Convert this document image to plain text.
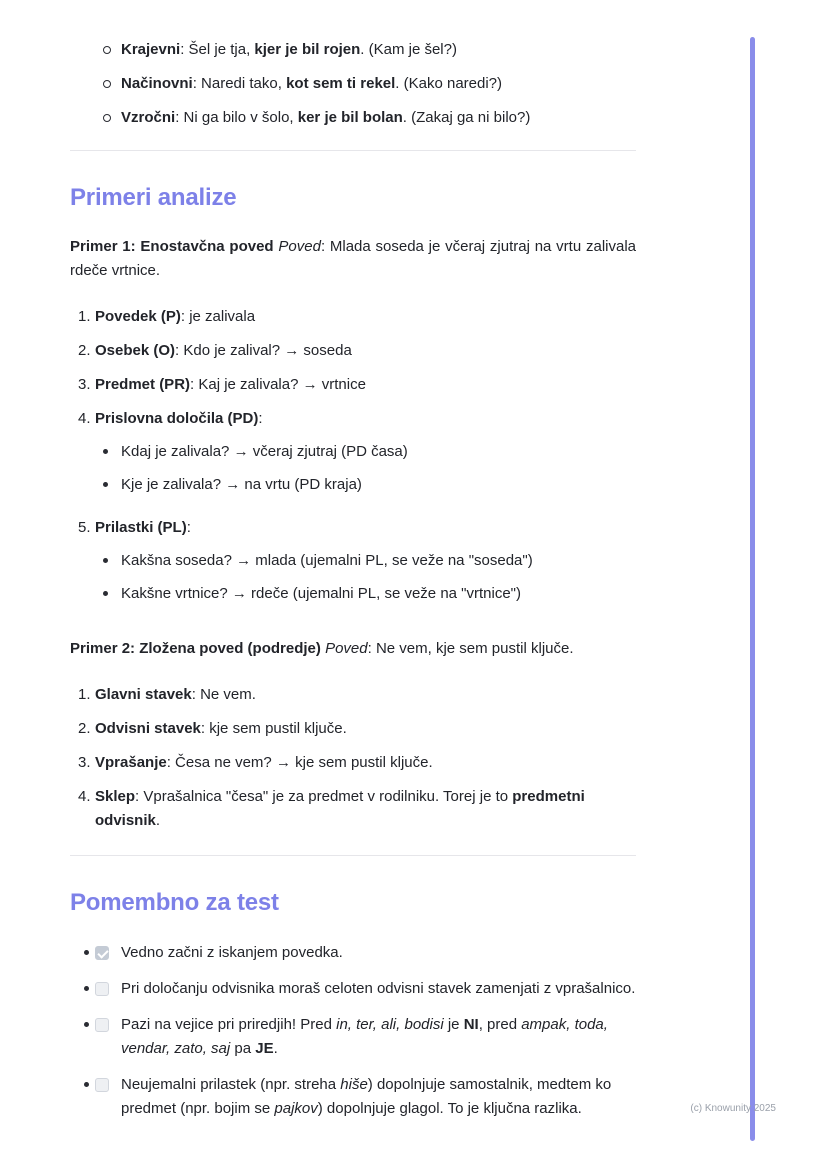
Krajevni: Šel je tja, kjer je bil rojen. (Kam je šel?)
Načinovni: Naredi tako, kot sem ti rekel. (Kako naredi?)
Vzročni: Ni ga bilo v šolo, ker je bil bolan. (Zakaj ga ni bilo?)
Primeri analize

Primer 1: Enostavčna poved Poved: Mlada soseda je včeraj zjutraj na vrtu zalivala rdeče vrtnice.

1. Povedek (P): je zalivala
2. Osebek (O): Kdo je zalival? → soseda
3. Predmet (PR): Kaj je zalivala? → vrtnice
4. Prislovna določila (PD):
Kdaj je zalivala? → včeraj zjutraj (PD časa)
Kje je zalivala? → na vrtu (PD kraja)
5. Prilastki (PL):
Kakšna soseda? → mlada (ujemalni PL, se veže na "soseda")
Kakšne vrtnice? → rdeče (ujemalni PL, se veže na "vrtnice")

Primer 2: Zložena poved (podredje) Poved: Ne vem, kje sem pustil ključe.

1. Glavni stavek: Ne vem.
2. Odvisni stavek: kje sem pustil ključe.
3. Vprašanje: Česa ne vem? → kje sem pustil ključe.
4. Sklep: Vprašalnica "česa" je za predmet v rodilniku. Torej je to predmetni odvisnik.
Pomembno za test
Vedno začni z iskanjem povedka.
Pri določanju odvisnika moraš celoten odvisni stavek zamenjati z vprašalnico.
Pazi na vejice pri priredjih! Pred in, ter, ali, bodisi je NI, pred ampak, toda, vendar, zato, saj pa JE.
Neujemalni prilastek (npr. streha hiše) dopolnjuje samostalnik, medtem ko predmet (npr. bojim se pajkov) dopolnjuje glagol. To je ključna razlika.	(c) Knowunity 2025
